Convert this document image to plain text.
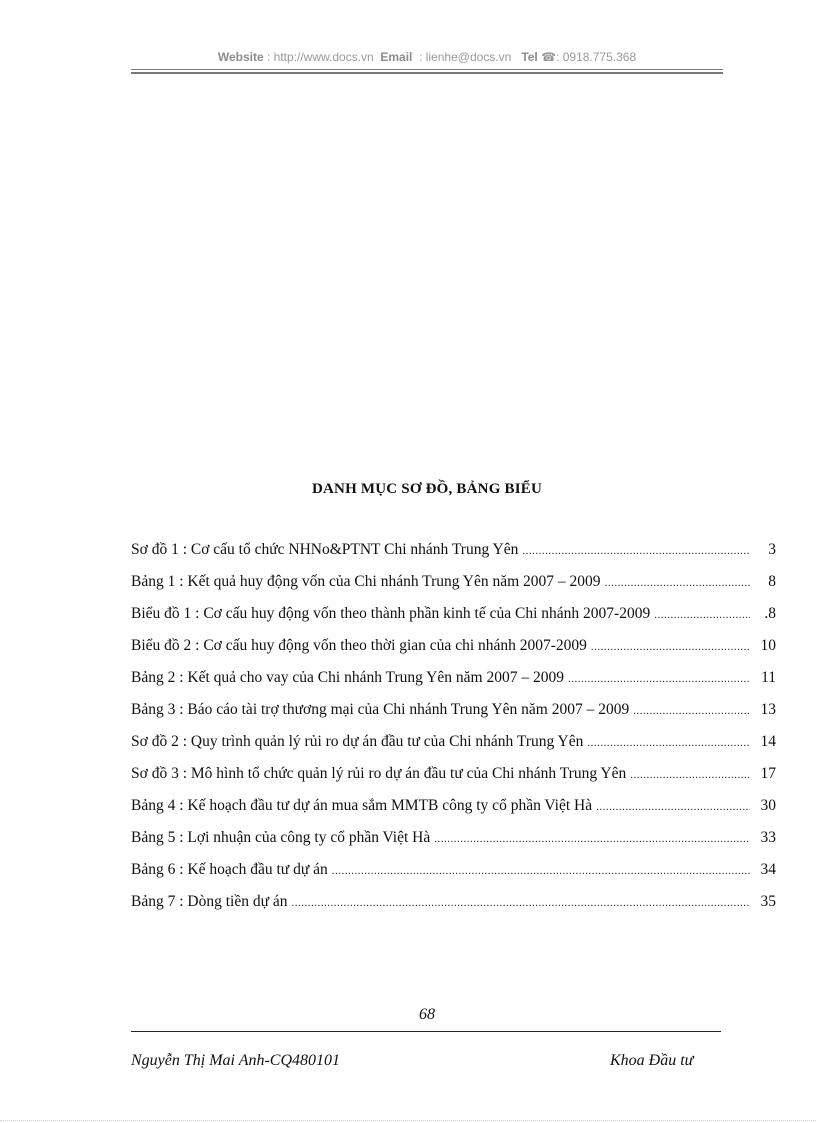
Website : http://www.docs.vn Email : lienhe@docs.vn Tel ☎: 0918.775.368
DANH MỤC SƠ ĐỒ, BẢNG BIỂU
Sơ đồ 1 : Cơ cấu tổ chức NHNo&PTNT Chi nhánh Trung Yên .....	3
Bảng 1 : Kết quả huy động vốn của Chi nhánh Trung Yên năm 2007 – 2009 .....	8
Biểu đồ 1 : Cơ cấu huy động vốn theo thành phần kinh tế của Chi nhánh 2007-2009 .....	.8
Biểu đồ 2 : Cơ cấu huy động vốn theo thời gian của chi nhánh 2007-2009 .....	10
Bảng 2 : Kết quả cho vay của Chi nhánh Trung Yên năm 2007 – 2009 .....	11
Bảng 3 : Báo cáo tài trợ thương mại của Chi nhánh Trung Yên năm 2007 – 2009 .....	13
Sơ đồ 2 : Quy trình quản lý rủi ro dự án đầu tư của Chi nhánh Trung Yên .....	14
Sơ đồ 3 : Mô hình tổ chức quản lý rủi ro dự án đầu tư của Chi nhánh Trung Yên .....	17
Bảng 4 : Kế hoạch đầu tư dự án mua sắm MMTB công ty cổ phần Việt Hà .....	30
Bảng 5 : Lợi nhuận của công ty cổ phần Việt Hà .....	33
Bảng 6 : Kế hoạch đầu tư dự án .....	34
Bảng 7 : Dòng tiền dự án .....	35
68
Nguyễn Thị Mai Anh-CQ480101	Khoa Đầu tư
